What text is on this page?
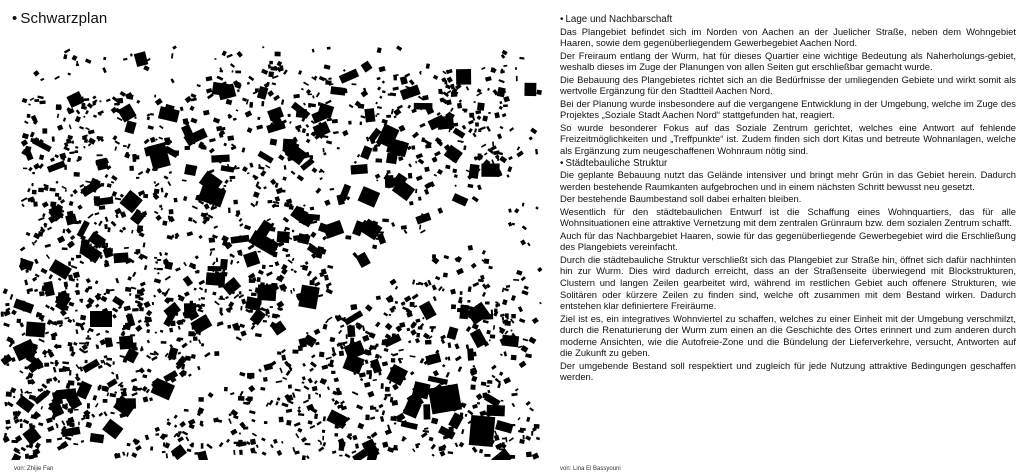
• Schwarzplan
von: Zhijie Fan

• Lage und Nachbarschaft

Das Plangebiet befindet sich im Norden von Aachen an der Juelicher Straße, neben dem Wohngebiet Haaren, sowie dem gegenüberliegendem Gewerbegebiet Aachen Nord.

Der Freiraum entlang der Wurm, hat für dieses Quartier eine wichtige Bedeutung als Naherholungs-gebiet, weshalb dieses im Zuge der Planungen von allen Seiten gut erschließbar gemacht wurde.

Die Bebauung des Plangebietes richtet sich an die Bedürfnisse der umliegenden Gebiete und wirkt somit als wertvolle Ergänzung für den Stadtteil Aachen Nord.

Bei der Planung wurde insbesondere auf die vergangene Entwicklung in der Umgebung, welche im Zuge des Projektes „Soziale Stadt Aachen Nord“ stattgefunden hat, reagiert.

So wurde besonderer Fokus auf das Soziale Zentrum gerichtet, welches eine Antwort auf fehlende Freizeitmöglichkeiten und „Treffpunkte“ ist. Zudem finden sich dort Kitas und betreute Wohnanlagen, welche als Ergänzung zum neugeschaffenen Wohnraum nötig sind.

• Städtebauliche Struktur

Die geplante Bebauung nutzt das Gelände intensiver und bringt mehr Grün in das Gebiet herein. Dadurch werden bestehende Raumkanten aufgebrochen und in einem nächsten Schritt bewusst neu gesetzt.

Der bestehende Baumbestand soll dabei erhalten bleiben.

Wesentlich für den städtebaulichen Entwurf ist die Schaffung eines Wohnquartiers, das für alle Wohnsituationen eine attraktive Vernetzung mit dem zentralen Grünraum bzw. dem sozialen Zentrum schafft.

Auch für das Nachbargebiet Haaren, sowie für das gegenüberliegende Gewerbegebiet wird die Erschließung des Plangebiets vereinfacht.

Durch die städtebauliche Struktur verschließt sich das Plangebiet zur Straße hin, öffnet sich dafür nachhinten hin zur Wurm. Dies wird dadurch erreicht, dass an der Straßenseite überwiegend mit Blockstrukturen, Clustern und langen Zeilen gearbeitet wird, während im restlichen Gebiet auch offenere Strukturen, wie Solitären oder kürzere Zeilen zu finden sind, welche oft zusammen mit dem Bestand wirken. Dadurch entstehen klar definiertere Freiräume.

Ziel ist es, ein integratives Wohnviertel zu schaffen, welches zu einer Einheit mit der Umgebung verschmilzt, durch die Renaturierung der Wurm zum einen an die Geschichte des Ortes erinnert und zum anderen durch moderne Ansichten, wie die Autofreie-Zone und die Bündelung der Lieferverkehre, versucht, Antworten auf die Zukunft zu geben.

Der umgebende Bestand soll respektiert und zugleich für jede Nutzung attraktive Bedingungen geschaffen werden.

von: Lina El Bassyouni
